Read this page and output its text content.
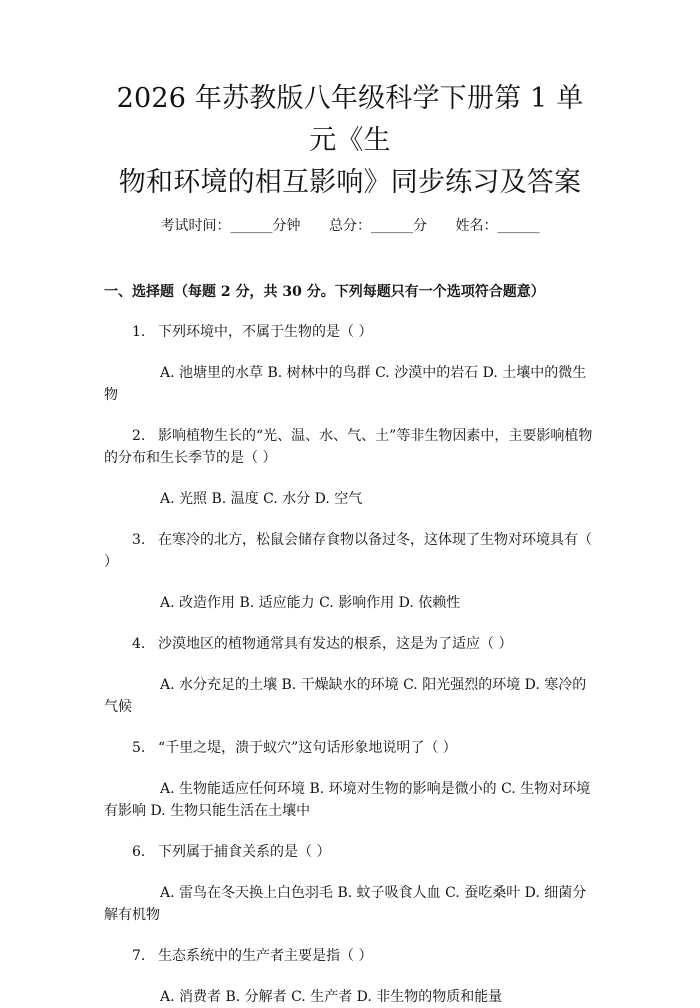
2026 年苏教版八年级科学下册第 1 单元《生
物和环境的相互影响》同步练习及答案
考试时间：______分钟 总分：______分 姓名：______
一、选择题（每题 2 分，共 30 分。下列每题只有一个选项符合题意）
1. 下列环境中，不属于生物的是（ ）
A. 池塘里的水草 B. 树林中的鸟群 C. 沙漠中的岩石 D. 土壤中的微生物
2. 影响植物生长的“光、温、水、气、土”等非生物因素中，主要影响植物的分布和生长季节的是（ ）
A. 光照 B. 温度 C. 水分 D. 空气
3. 在寒冷的北方，松鼠会储存食物以备过冬，这体现了生物对环境具有（ ）
A. 改造作用 B. 适应能力 C. 影响作用 D. 依赖性
4. 沙漠地区的植物通常具有发达的根系，这是为了适应（ ）
A. 水分充足的土壤 B. 干燥缺水的环境 C. 阳光强烈的环境 D. 寒冷的气候
5. “千里之堤，溃于蚁穴”这句话形象地说明了（ ）
A. 生物能适应任何环境 B. 环境对生物的影响是微小的 C. 生物对环境有影响 D. 生物只能生活在土壤中
6. 下列属于捕食关系的是（ ）
A. 雷鸟在冬天换上白色羽毛 B. 蚊子吸食人血 C. 蚕吃桑叶 D. 细菌分解有机物
7. 生态系统中的生产者主要是指（ ）
A. 消费者 B. 分解者 C. 生产者 D. 非生物的物质和能量
